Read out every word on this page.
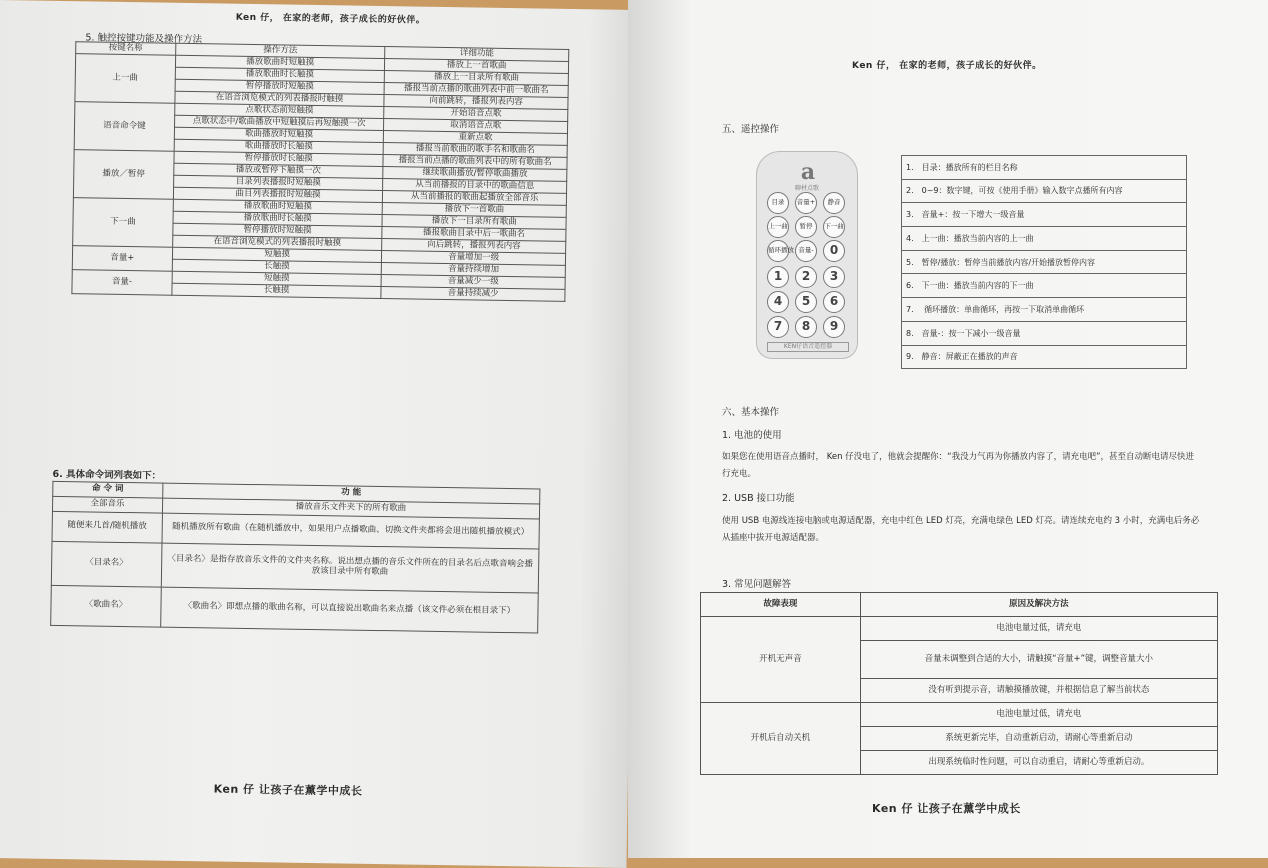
Ken 仔， 在家的老师，孩子成长的好伙伴。
5. 触控按键功能及操作方法
按键名称	操作方法	详细功能
上一曲	播放歌曲时短触摸	播放上一首歌曲
	播放歌曲时长触摸	播放上一目录所有歌曲
	暂停播放时短触摸	播报当前点播的歌曲列表中前一歌曲名
	在语音浏览模式的列表播报时触摸	向前跳转，播报列表内容
语音命令键	点歌状态前短触摸	开始语音点歌
	点歌状态中/歌曲播放中短触摸后再短触摸一次	取消语音点歌
	歌曲播放时短触摸	重新点歌
	歌曲播放时长触摸	播报当前歌曲的歌手名和歌曲名
播放／暂停	暂停播放时长触摸	播报当前点播的歌曲列表中的所有歌曲名
	播放或暂停下触摸一次	继续歌曲播放/暂停歌曲播放
	目录列表播报时短触摸	从当前播报的目录中的歌曲信息
	曲目列表播报时短触摸	从当前播报的歌曲起播放全部音乐
下一曲	播放歌曲时短触摸	播放下一首歌曲
	播放歌曲时长触摸	播放下一目录所有歌曲
	暂停播放时短触摸	播报歌曲目录中后一歌曲名
	在语音浏览模式的列表播报时触摸	向后跳转，播报列表内容
音量+	短触摸	音量增加一级
	长触摸	音量持续增加
音量-	短触摸	音量减少一级
	长触摸	音量持续减少
6. 具体命令词列表如下：
命 令 词	功 能
全部音乐	播放音乐文件夹下的所有歌曲
随便来几首/随机播放	随机播放所有歌曲（在随机播放中，如果用户点播歌曲、切换文件夹都将会退出随机播放模式）
〈目录名〉	〈目录名〉是指存放音乐文件的文件夹名称。说出想点播的音乐文件所在的目录名后点歌音响会播放该目录中所有歌曲
〈歌曲名〉	〈歌曲名〉即想点播的歌曲名称，可以直接说出歌曲名来点播（该文件必须在根目录下）
Ken 仔 让孩子在薰学中成长
Ken 仔， 在家的老师，孩子成长的好伙伴。
五、遥控操作
a
聊材点歌
目录	音量+	静音
上一曲	暂停	下一曲
循环播放 音量-	0
1	2	3
4	5	6
7	8	9
KEN仔语音遥控器
1.　目录：播放所有的栏目名称
2.　0~9：数字键，可按《使用手册》输入数字点播所有内容
3.　音量+：按一下增大一级音量
4.　上一曲：播放当前内容的上一曲
5.　暂停/播放：暂停当前播放内容/开始播放暂停内容
6.　下一曲：播放当前内容的下一曲
7.　 循环播放：单曲循环，再按一下取消单曲循环
8.　音量-：按一下减小一级音量
9.　静音：屏蔽正在播放的声音
六、基本操作
1. 电池的使用
如果您在使用语音点播时， Ken 仔没电了，他就会提醒你：“我没力气再为你播放内容了，请充电吧”，甚至自动断电请尽快进行充电。
2. USB 接口功能
使用 USB 电源线连接电脑或电源适配器，充电中红色 LED 灯亮，充满电绿色 LED 灯亮。请连续充电约 3 小时，充满电后务必从插座中拔开电源适配器。
3. 常见问题解答
故障表现	原因及解决方法
开机无声音	电池电量过低，请充电
	音量未调整到合适的大小，请触摸“音量+”键，调整音量大小
	没有听到提示音，请触摸播放键，并根据信息了解当前状态
开机后自动关机	电池电量过低，请充电
	系统更新完毕，自动重新启动，请耐心等重新启动
	出现系统临时性问题，可以自动重启，请耐心等重新启动。
Ken 仔 让孩子在薰学中成长
